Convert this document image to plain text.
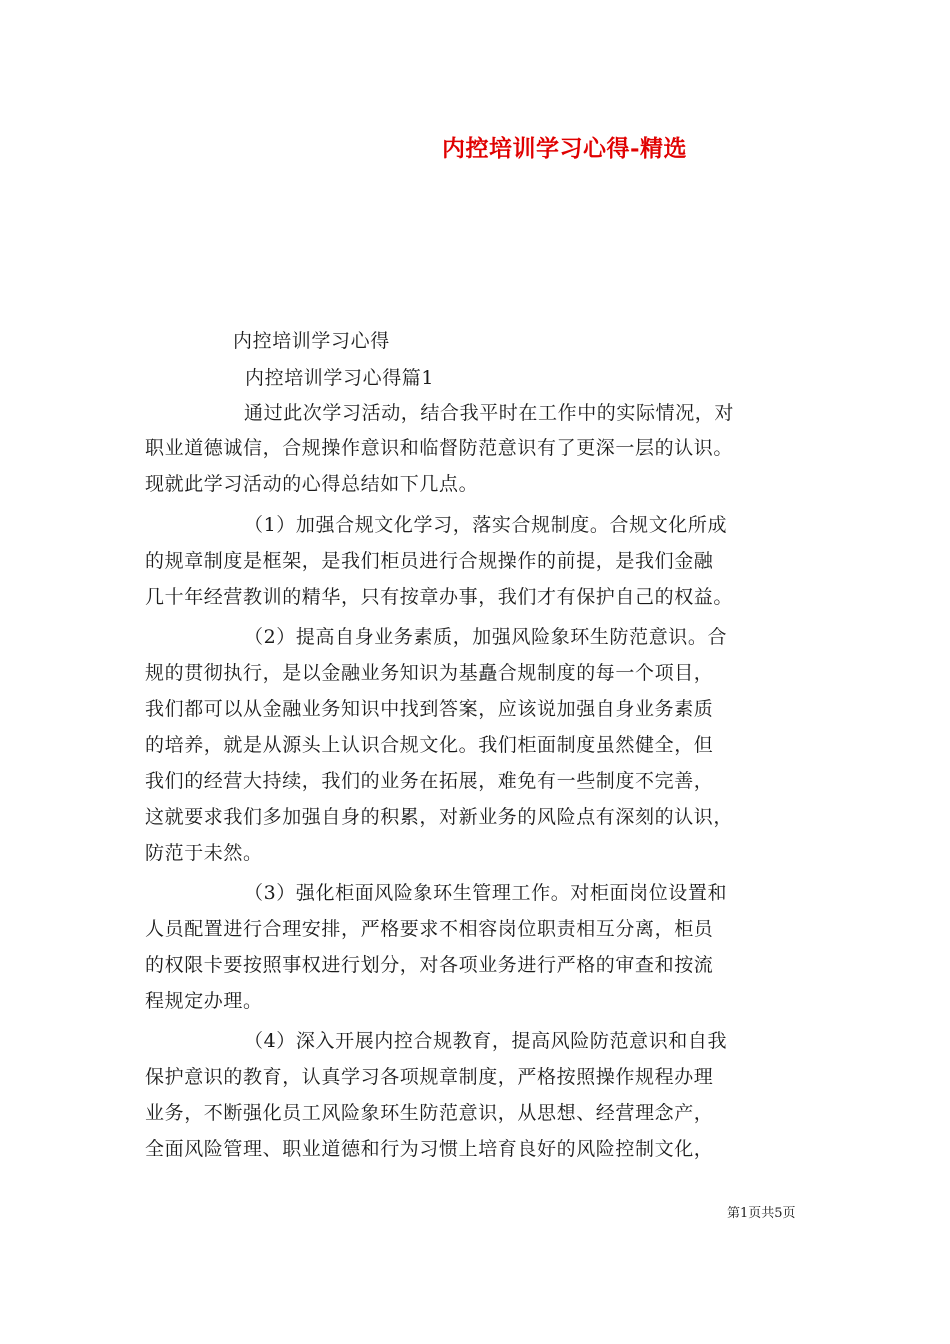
内控培训学习心得-精选
内控培训学习心得
内控培训学习心得篇1
通过此次学习活动，结合我平时在工作中的实际情况，对
职业道德诚信，合规操作意识和临督防范意识有了更深一层的认识。
现就此学习活动的心得总结如下几点。
（1）加强合规文化学习，落实合规制度。合规文化所成
的规章制度是框架，是我们柜员进行合规操作的前提，是我们金融
几十年经营教训的精华，只有按章办事，我们才有保护自己的权益。
（2）提高自身业务素质，加强风险象环生防范意识。合
规的贯彻执行，是以金融业务知识为基矗合规制度的每一个项目，
我们都可以从金融业务知识中找到答案，应该说加强自身业务素质
的培养，就是从源头上认识合规文化。我们柜面制度虽然健全，但
我们的经营大持续，我们的业务在拓展，难免有一些制度不完善，
这就要求我们多加强自身的积累，对新业务的风险点有深刻的认识，
防范于未然。
（3）强化柜面风险象环生管理工作。对柜面岗位设置和
人员配置进行合理安排，严格要求不相容岗位职责相互分离，柜员
的权限卡要按照事权进行划分，对各项业务进行严格的审查和按流
程规定办理。
（4）深入开展内控合规教育，提高风险防范意识和自我
保护意识的教育，认真学习各项规章制度，严格按照操作规程办理
业务，不断强化员工风险象环生防范意识，从思想、经营理念产，
全面风险管理、职业道德和行为习惯上培育良好的风险控制文化，
第1页共5页
